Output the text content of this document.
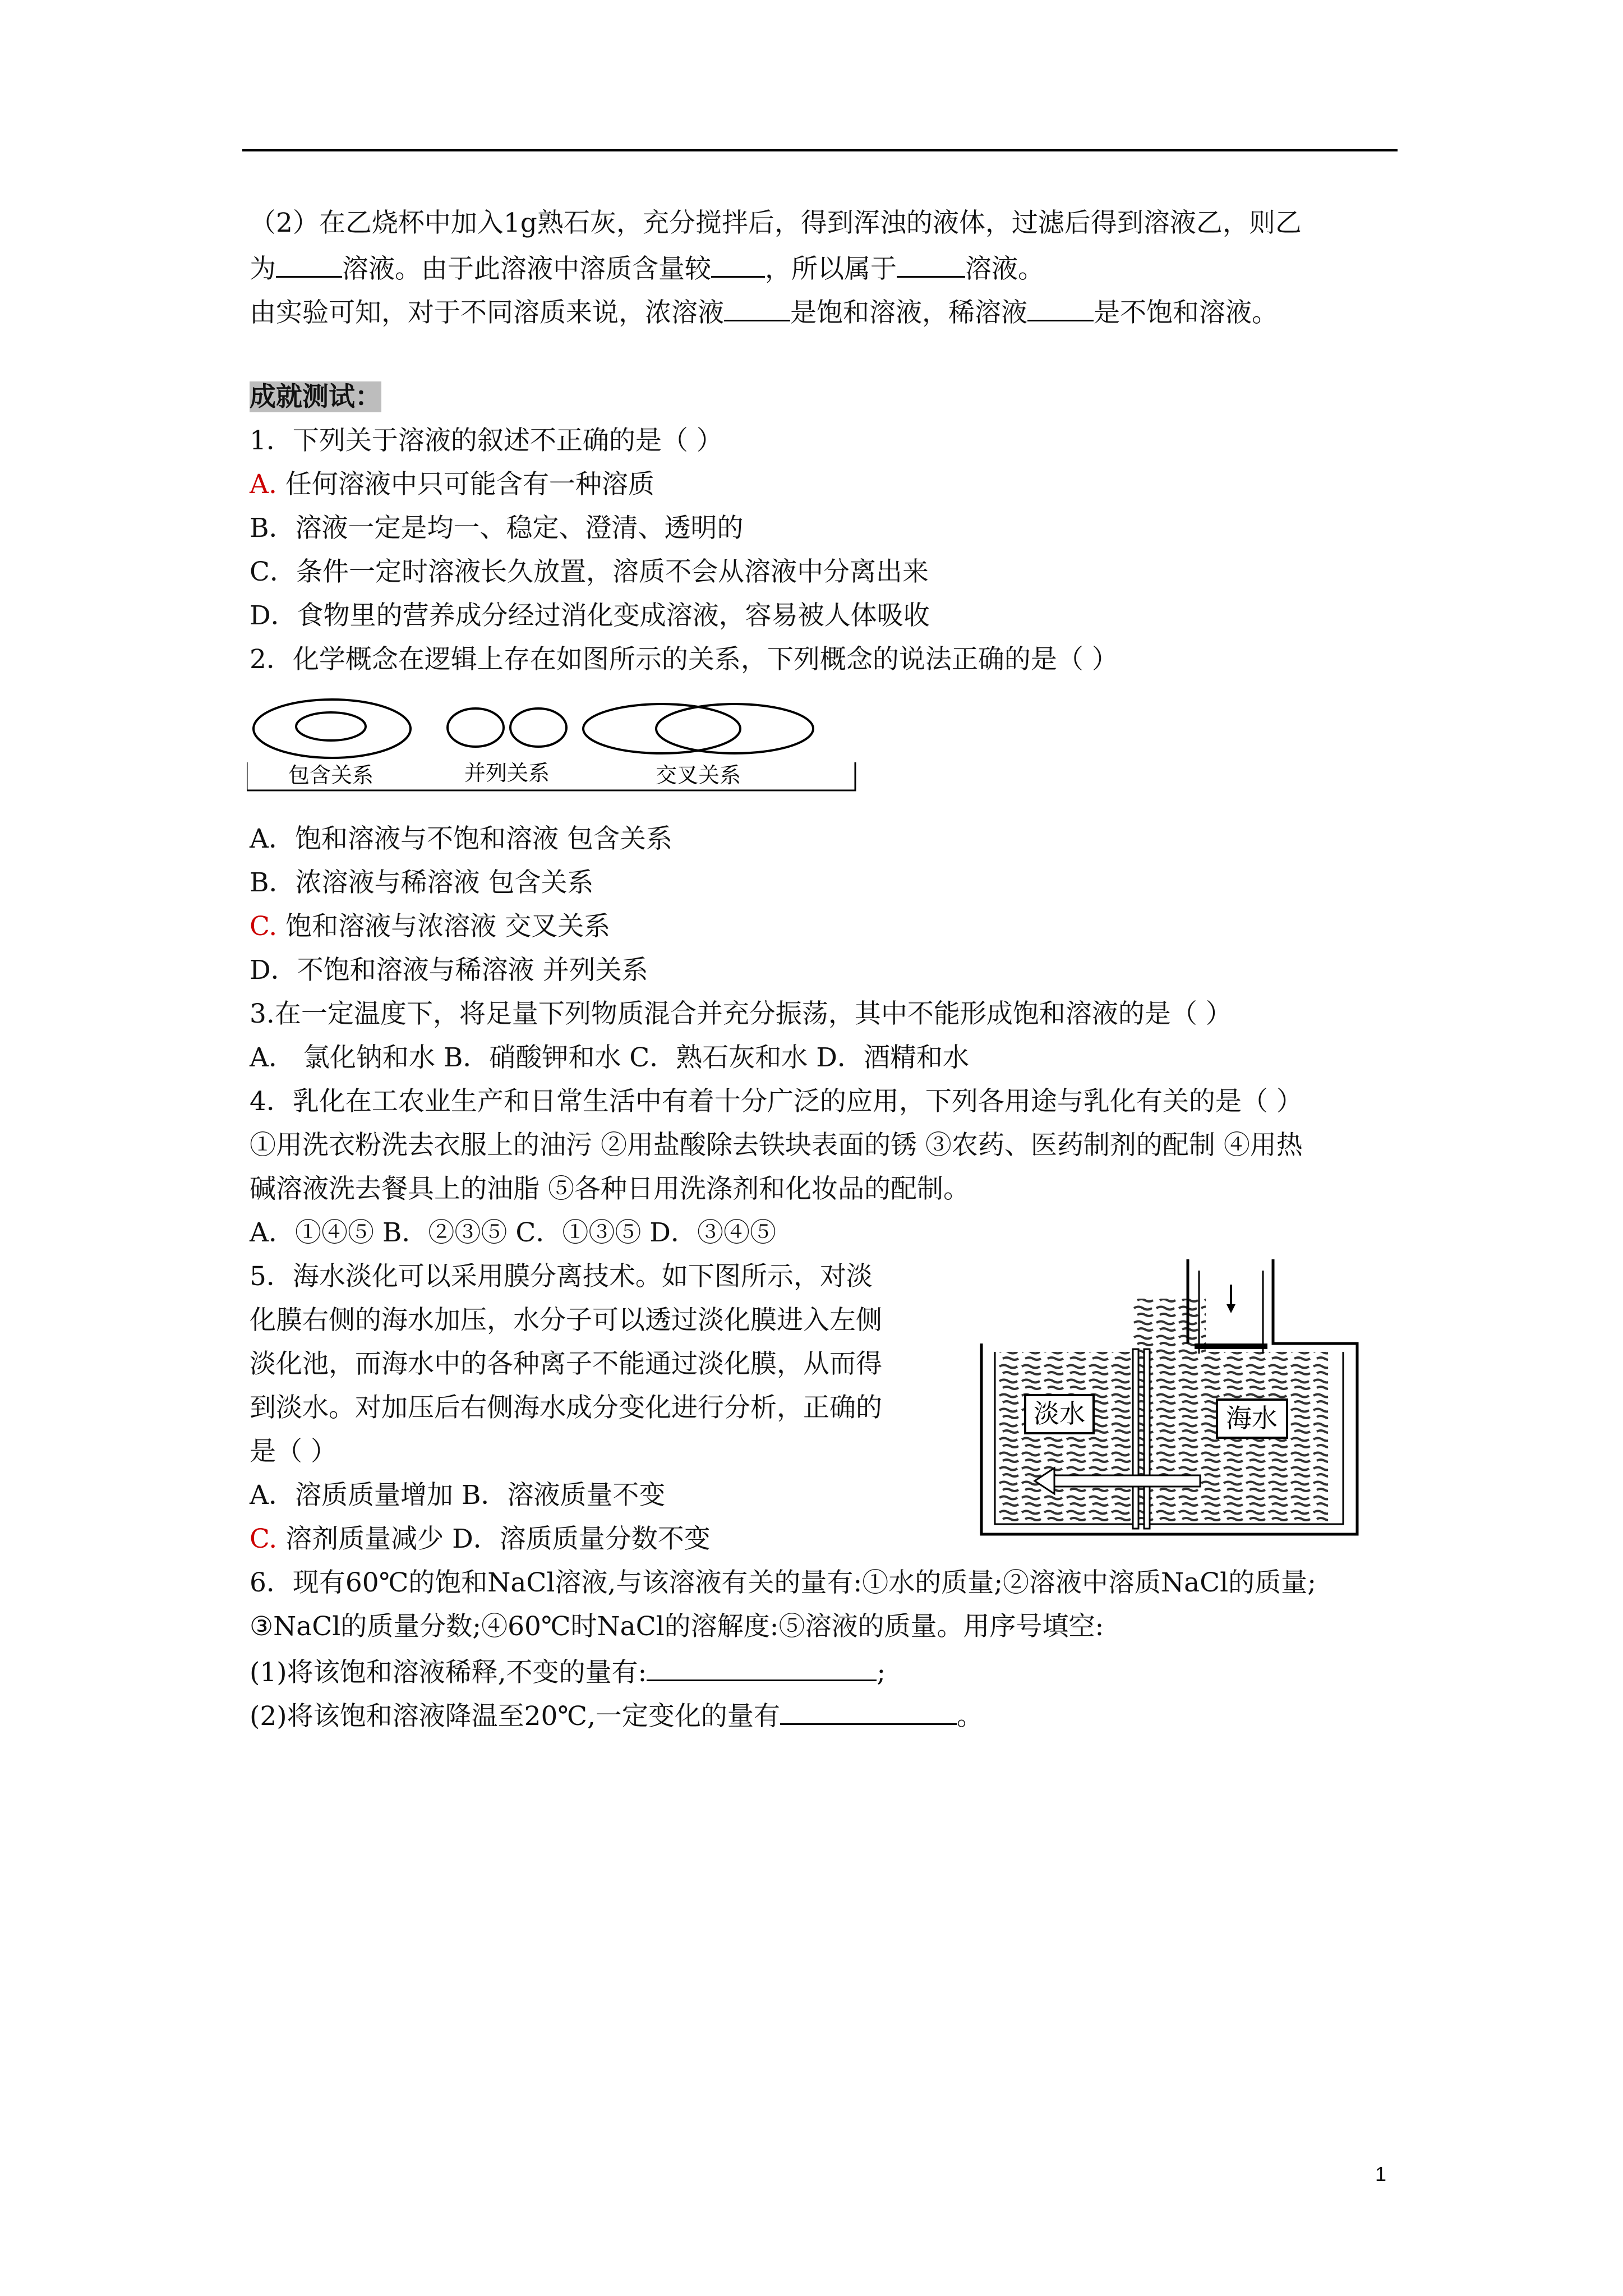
（2）在乙烧杯中加入1g熟石灰，充分搅拌后，得到浑浊的液体，过滤后得到溶液乙，则乙
为	溶液。由于此溶液中溶质含量较 ，所以属于	溶液。
由实验可知，对于不同溶质来说，浓溶液	是饱和溶液，稀溶液	是不饱和溶液。
成就测试：
1．下列关于溶液的叙述不正确的是（ ）
A. 任何溶液中只可能含有一种溶质
B．溶液一定是均一、稳定、澄清、透明的
C．条件一定时溶液长久放置，溶质不会从溶液中分离出来
D．食物里的营养成分经过消化变成溶液，容易被人体吸收
2．化学概念在逻辑上存在如图所示的关系，下列概念的说法正确的是（ ）
包含关系	并列关系	交叉关系
A．饱和溶液与不饱和溶液 包含关系
B．浓溶液与稀溶液 包含关系
C. 饱和溶液与浓溶液 交叉关系
D．不饱和溶液与稀溶液 并列关系
3.在一定温度下，将足量下列物质混合并充分振荡，其中不能形成饱和溶液的是（ ）
A． 氯化钠和水 B．硝酸钾和水 C．熟石灰和水 D．酒精和水
4．乳化在工农业生产和日常生活中有着十分广泛的应用，下列各用途与乳化有关的是（ ）
①用洗衣粉洗去衣服上的油污 ②用盐酸除去铁块表面的锈 ③农药、医药制剂的配制 ④用热
碱溶液洗去餐具上的油脂 ⑤各种日用洗涤剂和化妆品的配制。
A．①④⑤ B．②③⑤ C．①③⑤ D．③④⑤
5．海水淡化可以采用膜分离技术。如下图所示，对淡
化膜右侧的海水加压，水分子可以透过淡化膜进入左侧
淡化池，而海水中的各种离子不能通过淡化膜，从而得
到淡水。对加压后右侧海水成分变化进行分析，正确的
是（ ）
A．溶质质量增加 B．溶液质量不变
C. 溶剂质量减少 D．溶质质量分数不变
淡水	海水
6．现有60℃的饱和NaCl溶液,与该溶液有关的量有:①水的质量;②溶液中溶质NaCl的质量;
③NaCl的质量分数;④60℃时NaCl的溶解度:⑤溶液的质量。用序号填空:
(1)将该饱和溶液稀释,不变的量有:	;
(2)将该饱和溶液降温至20℃,一定变化的量有	。
1
